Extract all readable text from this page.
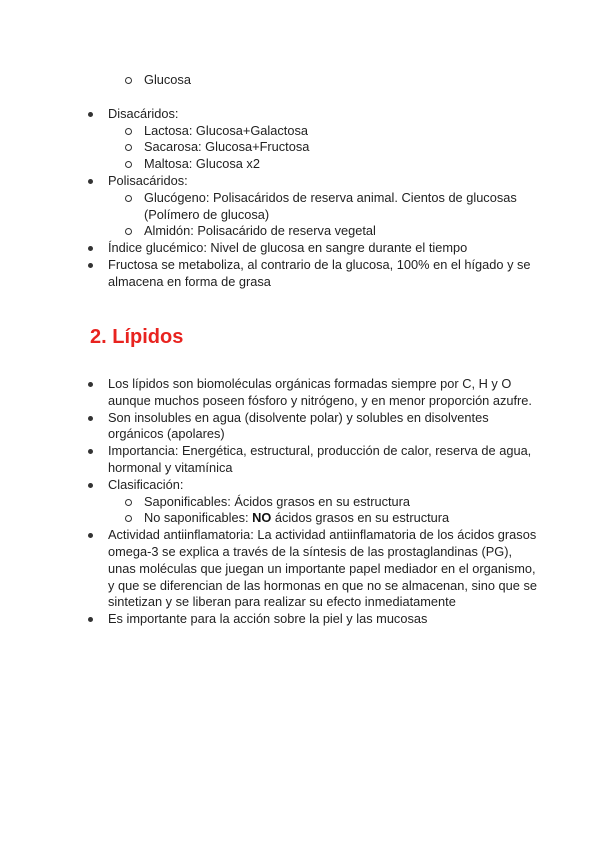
Glucosa
Disacáridos:
Lactosa: Glucosa+Galactosa
Sacarosa: Glucosa+Fructosa
Maltosa: Glucosa x2
Polisacáridos:
Glucógeno: Polisacáridos de reserva animal. Cientos de glucosas (Polímero de glucosa)
Almidón: Polisacárido de reserva vegetal
Índice glucémico: Nivel de glucosa en sangre durante el tiempo
Fructosa se metaboliza, al contrario de la glucosa, 100% en el hígado y se almacena en forma de grasa
2. Lípidos
Los lípidos son biomoléculas orgánicas formadas siempre por C, H y O aunque muchos poseen fósforo y nitrógeno, y en menor proporción azufre.
Son insolubles en agua (disolvente polar) y solubles en disolventes orgánicos (apolares)
Importancia: Energética, estructural, producción de calor, reserva de agua, hormonal y vitamínica
Clasificación:
Saponificables: Ácidos grasos en su estructura
No saponificables: NO ácidos grasos en su estructura
Actividad antiinflamatoria: La actividad antiinflamatoria de los ácidos grasos omega-3 se explica a través de la síntesis de las prostaglandinas (PG), unas moléculas que juegan un importante papel mediador en el organismo, y que se diferencian de las hormonas en que no se almacenan, sino que se sintetizan y se liberan para realizar su efecto inmediatamente
Es importante para la acción sobre la piel y las mucosas
